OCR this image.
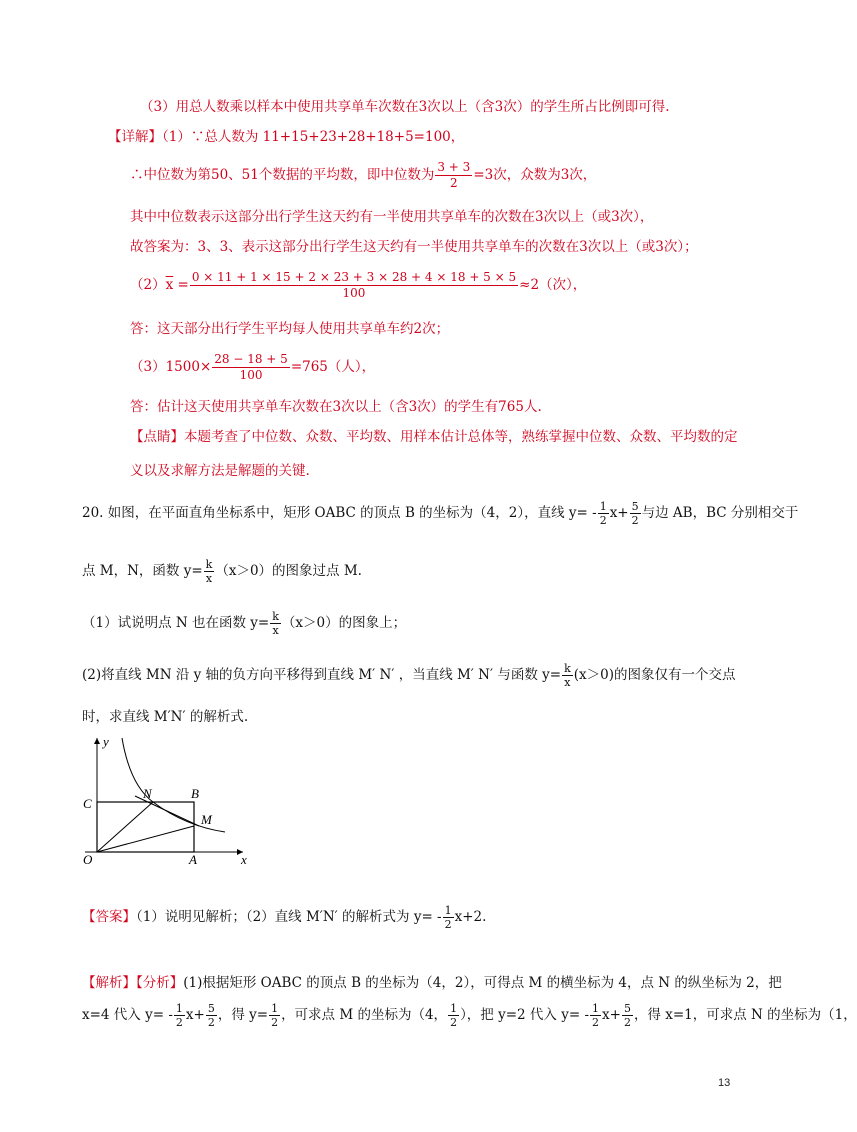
（3）用总人数乘以样本中使用共享单车次数在3次以上（含3次）的学生所占比例即可得.
【详解】（1）∵总人数为 11+15+23+28+18+5=100，
∴中位数为第50、51个数据的平均数，即中位数为 $\frac{3 + 3}{2} =3$次，众数为3次，
其中中位数表示这部分出行学生这天约有一半使用共享单车的次数在3次以上（或3次），
故答案为：3、3、表示这部分出行学生这天约有一半使用共享单车的次数在3次以上（或3次）；
$(2)\overline{x} = \frac{0 \times 11 + 1 \times 15 + 2 \times 23 + 3 \times 28 + 4 \times 18 + 5 \times 5}{100} \approx 2$（次），
答：这天部分出行学生平均每人使用共享单车约2次；
$(3)1500\times \frac{28 - 18 + 5}{100} =765$（人），
答：估计这天使用共享单车次数在3次以上（含3次）的学生有765人.
【点睛】本题考查了中位数、众数、平均数、用样本估计总体等，熟练掌握中位数、众数、平均数的定
义以及求解方法是解题的关键.
20. 如图，在平面直角坐标系中，矩形 OABC 的顶点 B 的坐标为（4，2），直线 $y= - \frac{1}{2} x+ \frac{5}{2}$ 与边 AB，BC 分别相交于
点 M，N，函数 $y= \frac{k}{x} (x>0)$的图象过点 M.
（1）试说明点 N 也在函数 $y= \frac{k}{x} (x>0)$的图象上；
(2)将直线 MN 沿 y 轴的负方向平移得到直线 M′ N′ ，当直线 M′ N′ 与函数 $y= \frac{k}{x} (x>0)$的图象仅有一个交点
时，求直线 M′N′ 的解析式.
y
x
O	A
B
C
N
M
【答案】（1）说明见解析；（2）直线 M′N′ 的解析式为 $y= - \frac{1}{2} x+2$.
【解析】【分析】(1)根据矩形 OABC 的顶点 B 的坐标为（4，2），可得点 M 的横坐标为 4，点 N 的纵坐标为 2，把
x=4 代入 $y= - \frac{1}{2} x+ \frac{5}{2}$ ，得 $y= \frac{1}{2}$ ，可求点 M 的坐标为（4， $\frac{1}{2}$ ），把 y=2 代入 $y= - \frac{1}{2} x+ \frac{5}{2}$ ，得 x=1，可求点 N 的坐标为（1，
13
